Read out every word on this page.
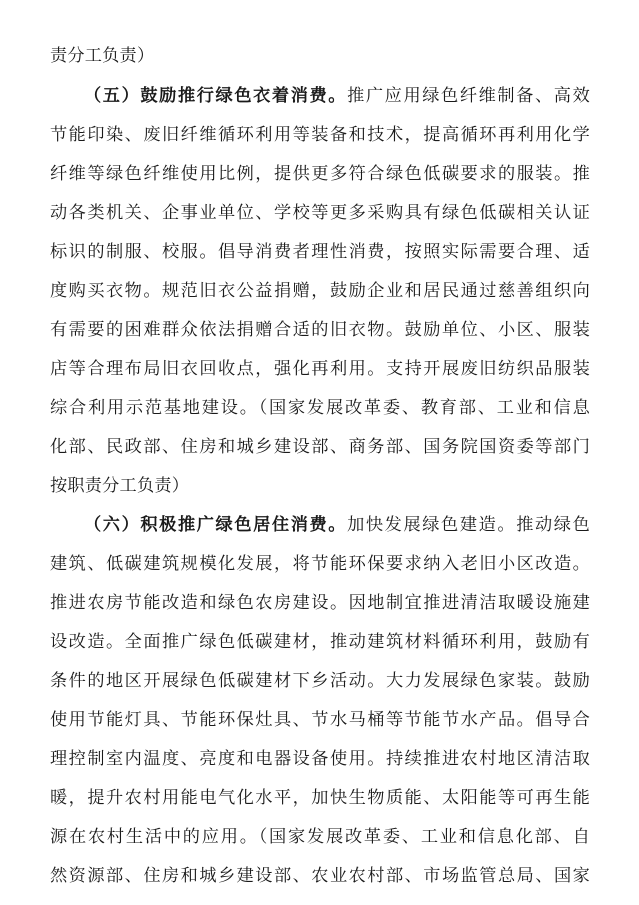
责分工负责）
（五）鼓励推行绿色衣着消费。推广应用绿色纤维制备、高效
节能印染、废旧纤维循环利用等装备和技术，提高循环再利用化学
纤维等绿色纤维使用比例，提供更多符合绿色低碳要求的服装。推
动各类机关、企事业单位、学校等更多采购具有绿色低碳相关认证
标识的制服、校服。倡导消费者理性消费，按照实际需要合理、适
度购买衣物。规范旧衣公益捐赠，鼓励企业和居民通过慈善组织向
有需要的困难群众依法捐赠合适的旧衣物。鼓励单位、小区、服装
店等合理布局旧衣回收点，强化再利用。支持开展废旧纺织品服装
综合利用示范基地建设。（国家发展改革委、教育部、工业和信息
化部、民政部、住房和城乡建设部、商务部、国务院国资委等部门
按职责分工负责）
（六）积极推广绿色居住消费。加快发展绿色建造。推动绿色
建筑、低碳建筑规模化发展，将节能环保要求纳入老旧小区改造。
推进农房节能改造和绿色农房建设。因地制宜推进清洁取暖设施建
设改造。全面推广绿色低碳建材，推动建筑材料循环利用，鼓励有
条件的地区开展绿色低碳建材下乡活动。大力发展绿色家装。鼓励
使用节能灯具、节能环保灶具、节水马桶等节能节水产品。倡导合
理控制室内温度、亮度和电器设备使用。持续推进农村地区清洁取
暖，提升农村用能电气化水平，加快生物质能、太阳能等可再生能
源在农村生活中的应用。（国家发展改革委、工业和信息化部、自
然资源部、住房和城乡建设部、农业农村部、市场监管总局、国家
